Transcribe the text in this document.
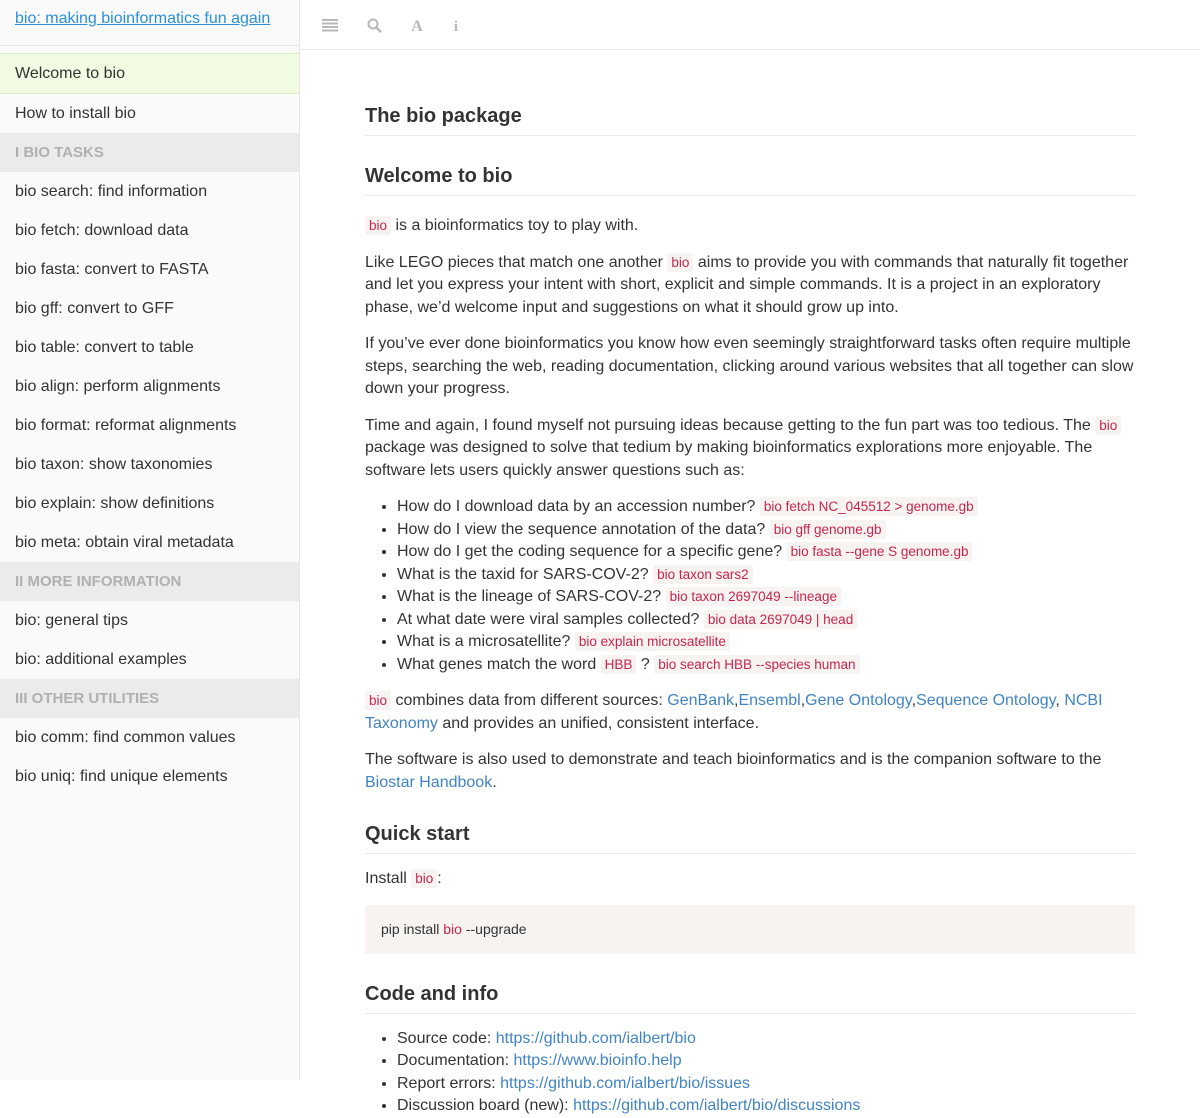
bio: making bioinformatics fun again
Welcome to bio
How to install bio
I BIO TASKS
bio search: find information
bio fetch: download data
bio fasta: convert to FASTA
bio gff: convert to GFF
bio table: convert to table
bio align: perform alignments
bio format: reformat alignments
bio taxon: show taxonomies
bio explain: show definitions
bio meta: obtain viral metadata
II MORE INFORMATION
bio: general tips
bio: additional examples
III OTHER UTILITIES
bio comm: find common values
bio uniq: find unique elements
A i
The bio package
Welcome to bio

bio is a bioinformatics toy to play with.

Like LEGO pieces that match one another bio aims to provide you with commands that naturally fit together and let you express your intent with short, explicit and simple commands. It is a project in an exploratory phase, we’d welcome input and suggestions on what it should grow up into.

If you’ve ever done bioinformatics you know how even seemingly straightforward tasks often require multiple steps, searching the web, reading documentation, clicking around various websites that all together can slow down your progress.

Time and again, I found myself not pursuing ideas because getting to the fun part was too tedious. The bio package was designed to solve that tedium by making bioinformatics explorations more enjoyable. The software lets users quickly answer questions such as:

• How do I download data by an accession number? bio fetch NC_045512 > genome.gb
• How do I view the sequence annotation of the data? bio gff genome.gb
• How do I get the coding sequence for a specific gene? bio fasta --gene S genome.gb
• What is the taxid for SARS-COV-2? bio taxon sars2
• What is the lineage of SARS-COV-2? bio taxon 2697049 --lineage
• At what date were viral samples collected? bio data 2697049 | head
• What is a microsatellite? bio explain microsatellite
• What genes match the word HBB ? bio search HBB --species human

bio combines data from different sources: GenBank,Ensembl,Gene Ontology,Sequence Ontology, NCBI Taxonomy and provides an unified, consistent interface.

The software is also used to demonstrate and teach bioinformatics and is the companion software to the Biostar Handbook.

Quick start

Install bio :

pip install bio --upgrade
Code and info
• Source code: https://github.com/ialbert/bio
• Documentation: https://www.bioinfo.help
• Report errors: https://github.com/ialbert/bio/issues
• Discussion board (new): https://github.com/ialbert/bio/discussions
